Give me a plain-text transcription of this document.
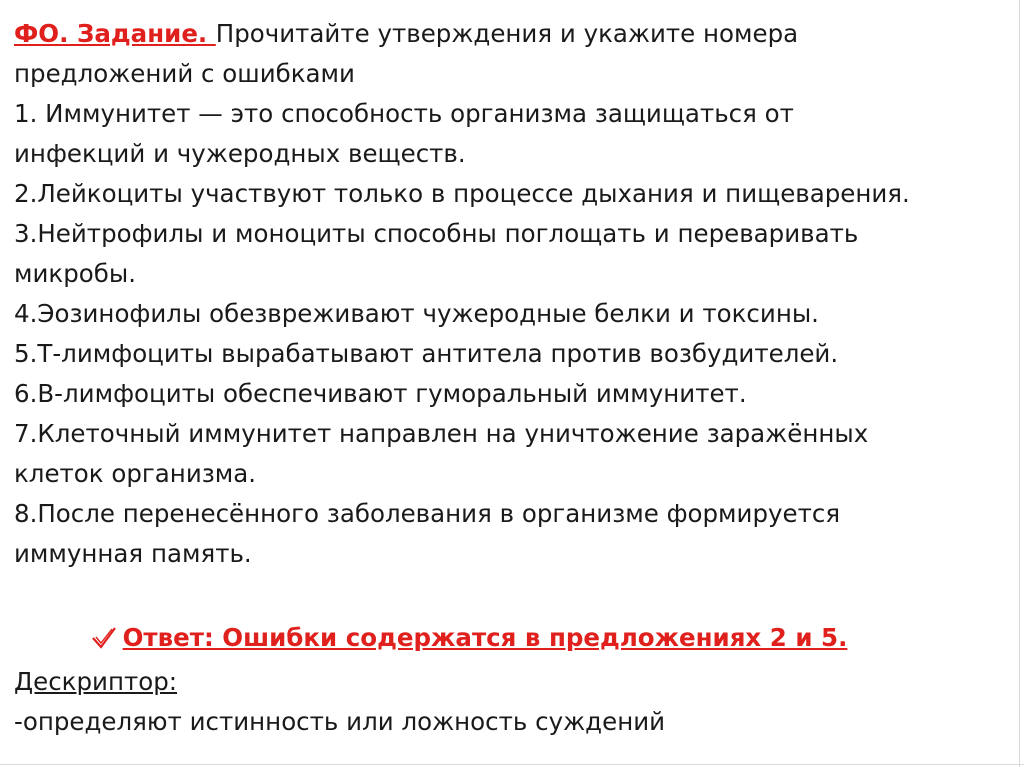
ФО. Задание. Прочитайте утверждения и укажите номера

предложений с ошибками

1. Иммунитет — это способность организма защищаться от

инфекций и чужеродных веществ.

2.Лейкоциты участвуют только в процессе дыхания и пищеварения.

3.Нейтрофилы и моноциты способны поглощать и переваривать

микробы.

4.Эозинофилы обезвреживают чужеродные белки и токсины.

5.Т-лимфоциты вырабатывают антитела против возбудителей.

6.В-лимфоциты обеспечивают гуморальный иммунитет.

7.Клеточный иммунитет направлен на уничтожение заражённых

клеток организма.

8.После перенесённого заболевания в организме формируется

иммунная память.

Ответ: Ошибки содержатся в предложениях 2 и 5.

Дескриптор:

-определяют истинность или ложность суждений
